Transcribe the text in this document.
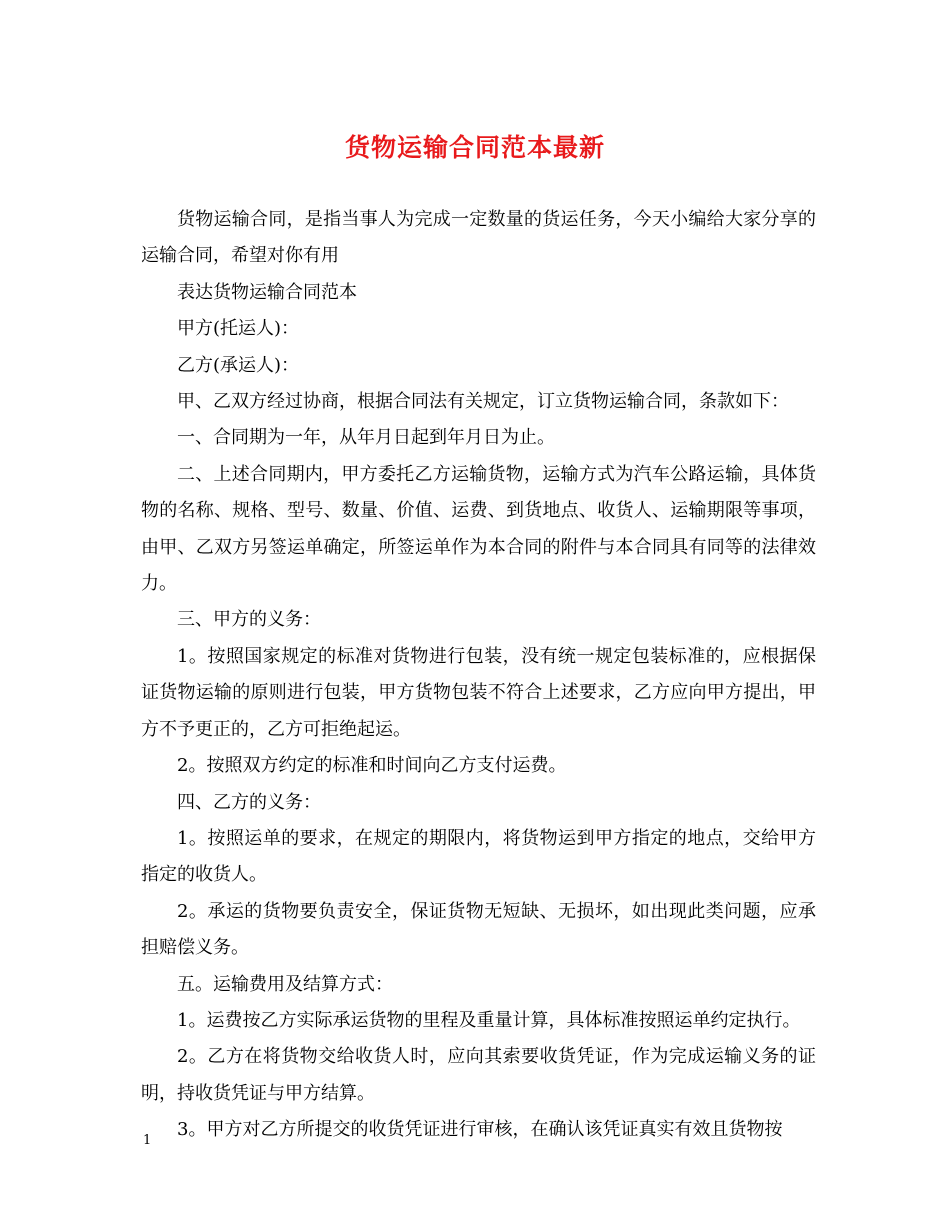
货物运输合同范本最新

货物运输合同，是指当事人为完成一定数量的货运任务，今天小编给大家分享的运输合同，希望对你有用

表达货物运输合同范本

甲方(托运人)：

乙方(承运人)：

甲、乙双方经过协商，根据合同法有关规定，订立货物运输合同，条款如下：

一、合同期为一年，从年月日起到年月日为止。

二、上述合同期内，甲方委托乙方运输货物，运输方式为汽车公路运输，具体货物的名称、规格、型号、数量、价值、运费、到货地点、收货人、运输期限等事项，由甲、乙双方另签运单确定，所签运单作为本合同的附件与本合同具有同等的法律效力。

三、甲方的义务：

1。按照国家规定的标准对货物进行包装，没有统一规定包装标准的，应根据保证货物运输的原则进行包装，甲方货物包装不符合上述要求，乙方应向甲方提出，甲方不予更正的，乙方可拒绝起运。

2。按照双方约定的标准和时间向乙方支付运费。

四、乙方的义务：

1。按照运单的要求，在规定的期限内，将货物运到甲方指定的地点，交给甲方指定的收货人。

2。承运的货物要负责安全，保证货物无短缺、无损坏，如出现此类问题，应承担赔偿义务。

五。运输费用及结算方式：

1。运费按乙方实际承运货物的里程及重量计算，具体标准按照运单约定执行。

2。乙方在将货物交给收货人时，应向其索要收货凭证，作为完成运输义务的证明，持收货凭证与甲方结算。

3。甲方对乙方所提交的收货凭证进行审核，在确认该凭证真实有效且货物按

1
